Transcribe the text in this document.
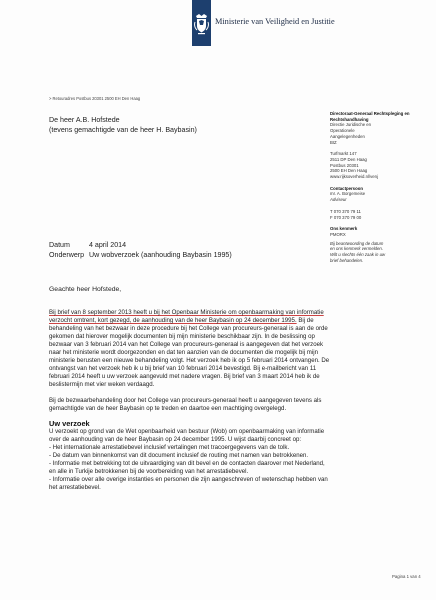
Ministerie van Veiligheid en Justitie
> Retouradres Postbus 20301 2500 EH Den Haag
De heer A.B. Hofstede
(tevens gemachtigde van de heer H. Baybasin)
Directoraat-Generaal Rechtspleging en Rechtshandhaving
Directie Juridische en
Operationele
Aangelegenheden
BIZ
Turfmarkt 147
2511 DP Den Haag
Postbus 20301
2500 EH Den Haag
www.rijksoverheid.nl/venj
Contactpersoon
mr. A. Borgemeise
Adviseur
T 070 370 79 11
F 070 370 79 00
Ons kenmerk
PMORX
Bij beantwoording de datum
en ons kenmerk vermelden.
Wilt u slechts één zaak in uw
brief behandelen.
Datum	4 april 2014
Onderwerp Uw wobverzoek (aanhouding Baybasin 1995)

Geachte heer Hofstede,

Bij brief van 8 september 2013 heeft u bij het Openbaar Ministerie om openbaarmaking van informatie verzocht omtrent, kort gezegd, de aanhouding van de heer Baybasin op 24 december 1995. Bij de behandeling van het bezwaar in deze procedure bij het College van procureurs-generaal is aan de orde gekomen dat hierover mogelijk documenten bij mijn ministerie beschikbaar zijn. In de beslissing op bezwaar van 3 februari 2014 van het College van procureurs-generaal is aangegeven dat het verzoek naar het ministerie wordt doorgezonden en dat ten aanzien van de documenten die mogelijk bij mijn ministerie berusten een nieuwe behandeling volgt. Het verzoek heb ik op 5 februari 2014 ontvangen. De ontvangst van het verzoek heb ik u bij brief van 10 februari 2014 bevestigd. Bij e-mailbericht van 11 februari 2014 heeft u uw verzoek aangevuld met nadere vragen. Bij brief van 3 maart 2014 heb ik de beslistermijn met vier weken verdaagd.

Bij de bezwaarbehandeling door het College van procureurs-generaal heeft u aangegeven tevens als gemachtigde van de heer Baybasin op te treden en daartoe een machtiging overgelegd.

Uw verzoek

U verzoekt op grond van de Wet openbaarheid van bestuur (Wob) om openbaarmaking van informatie over de aanhouding van de heer Baybasin op 24 december 1995. U wijst daarbij concreet op:

- Het internationale arrestatiebevel inclusief vertalingen met tracoergegevens van de tolk.

- De datum van binnenkomst van dit document inclusief de routing met namen van betrokkenen.

- Informatie met betrekking tot de uitvaardiging van dit bevel en de contacten daarover met Nederland, en alle in Turkije betrokkenen bij de voorbereiding van het arrestatiebevel.

- Informatie over alle overige instanties en personen die zijn aangeschreven of wetenschap hebben van het arrestatiebevel.

Pagina 1 van 4
